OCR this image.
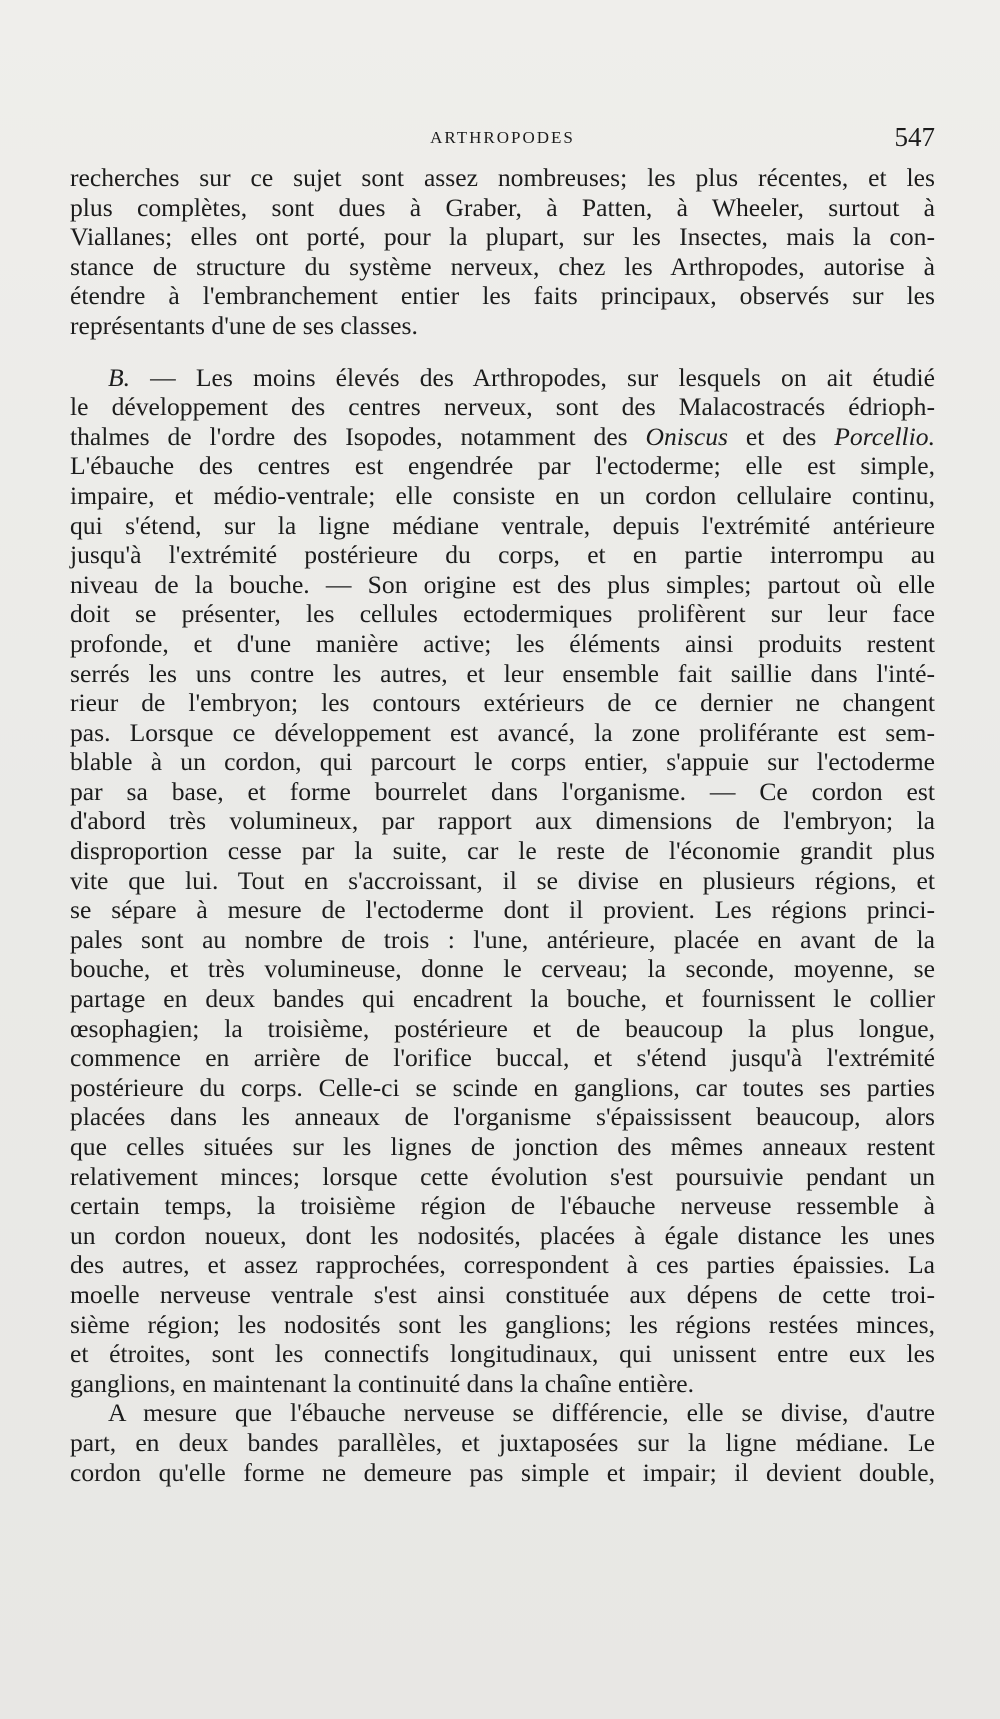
ARTHROPODES	547
recherches sur ce sujet sont assez nombreuses; les plus récentes, et les
plus complètes, sont dues à Graber, à Patten, à Wheeler, surtout à
Viallanes; elles ont porté, pour la plupart, sur les Insectes, mais la con-
stance de structure du système nerveux, chez les Arthropodes, autorise à
étendre à l'embranchement entier les faits principaux, observés sur les
représentants d'une de ses classes.
B. — Les moins élevés des Arthropodes, sur lesquels on ait étudié
le développement des centres nerveux, sont des Malacostracés édrioph-
thalmes de l'ordre des Isopodes, notamment des Oniscus et des Porcellio.
L'ébauche des centres est engendrée par l'ectoderme; elle est simple,
impaire, et médio-ventrale; elle consiste en un cordon cellulaire continu,
qui s'étend, sur la ligne médiane ventrale, depuis l'extrémité antérieure
jusqu'à l'extrémité postérieure du corps, et en partie interrompu au
niveau de la bouche. — Son origine est des plus simples; partout où elle
doit se présenter, les cellules ectodermiques prolifèrent sur leur face
profonde, et d'une manière active; les éléments ainsi produits restent
serrés les uns contre les autres, et leur ensemble fait saillie dans l'inté-
rieur de l'embryon; les contours extérieurs de ce dernier ne changent
pas. Lorsque ce développement est avancé, la zone proliférante est sem-
blable à un cordon, qui parcourt le corps entier, s'appuie sur l'ectoderme
par sa base, et forme bourrelet dans l'organisme. — Ce cordon est
d'abord très volumineux, par rapport aux dimensions de l'embryon; la
disproportion cesse par la suite, car le reste de l'économie grandit plus
vite que lui. Tout en s'accroissant, il se divise en plusieurs régions, et
se sépare à mesure de l'ectoderme dont il provient. Les régions princi-
pales sont au nombre de trois : l'une, antérieure, placée en avant de la
bouche, et très volumineuse, donne le cerveau; la seconde, moyenne, se
partage en deux bandes qui encadrent la bouche, et fournissent le collier
œsophagien; la troisième, postérieure et de beaucoup la plus longue,
commence en arrière de l'orifice buccal, et s'étend jusqu'à l'extrémité
postérieure du corps. Celle-ci se scinde en ganglions, car toutes ses parties
placées dans les anneaux de l'organisme s'épaississent beaucoup, alors
que celles situées sur les lignes de jonction des mêmes anneaux restent
relativement minces; lorsque cette évolution s'est poursuivie pendant un
certain temps, la troisième région de l'ébauche nerveuse ressemble à
un cordon noueux, dont les nodosités, placées à égale distance les unes
des autres, et assez rapprochées, correspondent à ces parties épaissies. La
moelle nerveuse ventrale s'est ainsi constituée aux dépens de cette troi-
sième région; les nodosités sont les ganglions; les régions restées minces,
et étroites, sont les connectifs longitudinaux, qui unissent entre eux les
ganglions, en maintenant la continuité dans la chaîne entière.
A mesure que l'ébauche nerveuse se différencie, elle se divise, d'autre
part, en deux bandes parallèles, et juxtaposées sur la ligne médiane. Le
cordon qu'elle forme ne demeure pas simple et impair; il devient double,
